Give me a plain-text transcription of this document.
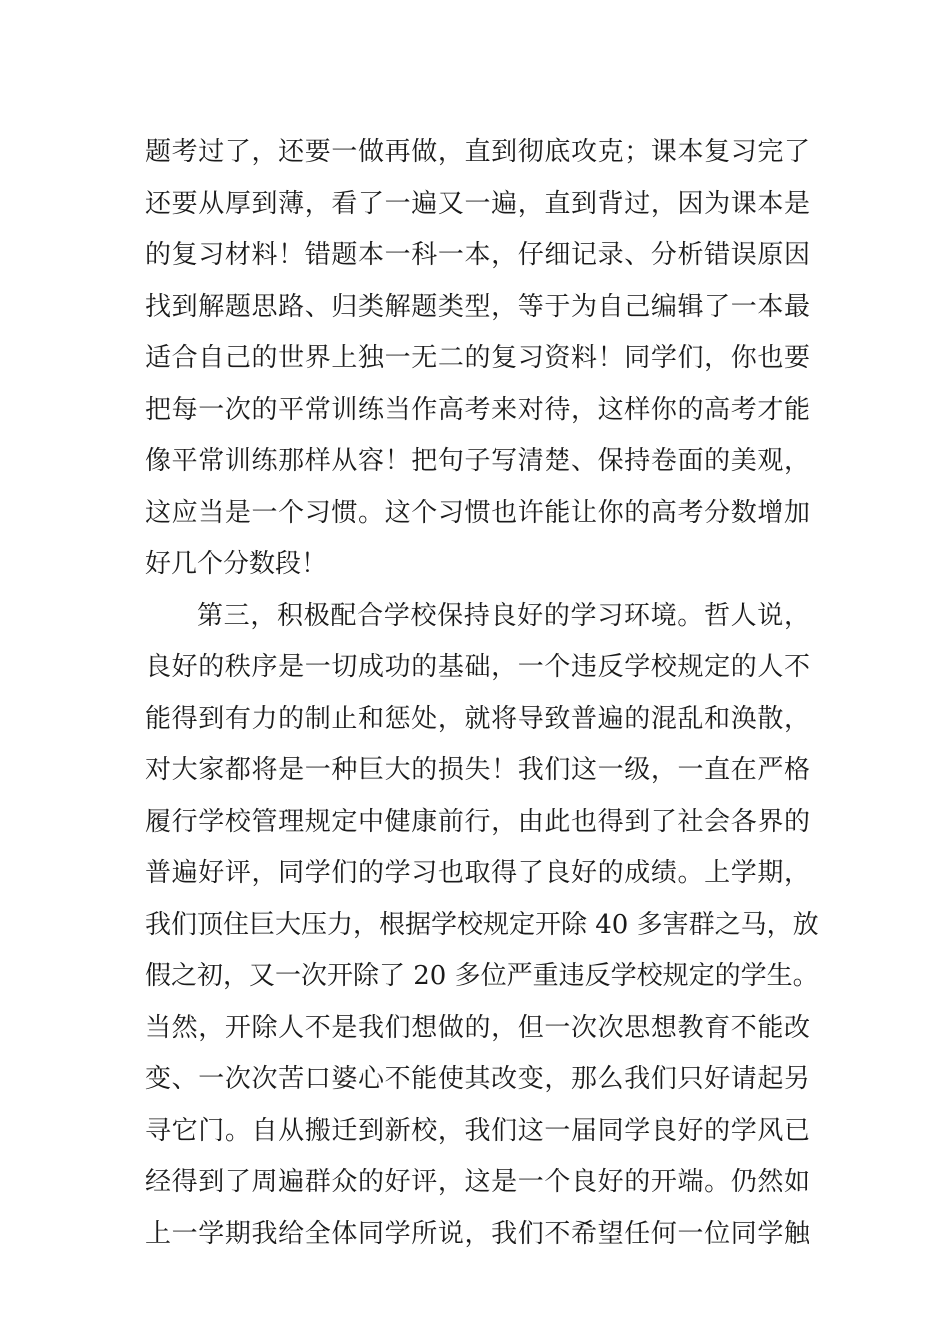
题考过了，还要一做再做，直到彻底攻克；课本复习完了
还要从厚到薄，看了一遍又一遍，直到背过，因为课本是
的复习材料！错题本一科一本，仔细记录、分析错误原因
找到解题思路、归类解题类型，等于为自己编辑了一本最
适合自己的世界上独一无二的复习资料！同学们，你也要
把每一次的平常训练当作高考来对待，这样你的高考才能
像平常训练那样从容！把句子写清楚、保持卷面的美观，
这应当是一个习惯。这个习惯也许能让你的高考分数增加
好几个分数段！
第三，积极配合学校保持良好的学习环境。哲人说，
良好的秩序是一切成功的基础，一个违反学校规定的人不
能得到有力的制止和惩处，就将导致普遍的混乱和涣散，
对大家都将是一种巨大的损失！我们这一级，一直在严格
履行学校管理规定中健康前行，由此也得到了社会各界的
普遍好评，同学们的学习也取得了良好的成绩。上学期，
我们顶住巨大压力，根据学校规定开除 40 多害群之马，放
假之初，又一次开除了 20 多位严重违反学校规定的学生。
当然，开除人不是我们想做的，但一次次思想教育不能改
变、一次次苦口婆心不能使其改变，那么我们只好请起另
寻它门。自从搬迁到新校，我们这一届同学良好的学风已
经得到了周遍群众的好评，这是一个良好的开端。仍然如
上一学期我给全体同学所说，我们不希望任何一位同学触
